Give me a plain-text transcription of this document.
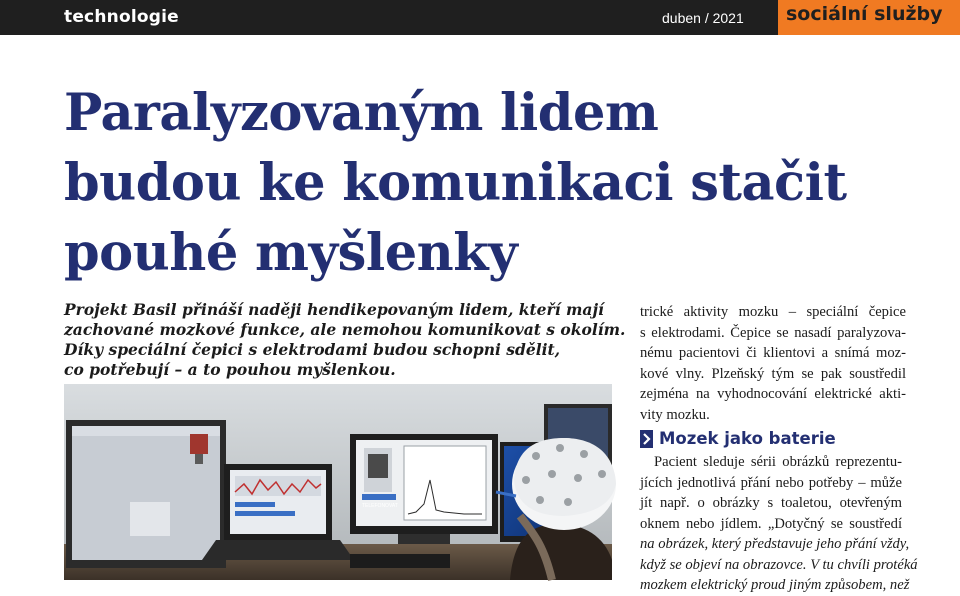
technologie	duben / 2021 sociální služby
Paralyzovaným lidem
budou ke komunikaci stačit
pouhé myšlenky
Projekt Basil přináší naději hendikepovaným lidem, kteří mají
zachované mozkové funkce, ale nemohou komunikovat s okolím.
Díky speciální čepici s elektrodami budou schopni sdělit,
co potřebují – a to pouhou myšlenkou.
TELEFONOVAT
trické aktivity mozku – speciální čepice
s elektrodami. Čepice se nasadí paralyzova-
nému pacientovi či klientovi a snímá moz-
kové vlny. Plzeňský tým se pak soustředil
zejména na vyhodnocování elektrické akti-
vity mozku.
Mozek jako baterie
Pacient sleduje sérii obrázků reprezentu-
jících jednotlivá přání nebo potřeby – může
jít např. o obrázky s toaletou, otevřeným
oknem nebo jídlem. „Dotyčný se soustředí
na obrázek, který představuje jeho přání vždy,
když se objeví na obrazovce. V tu chvíli protéká
mozkem elektrický proud jiným způsobem, než
